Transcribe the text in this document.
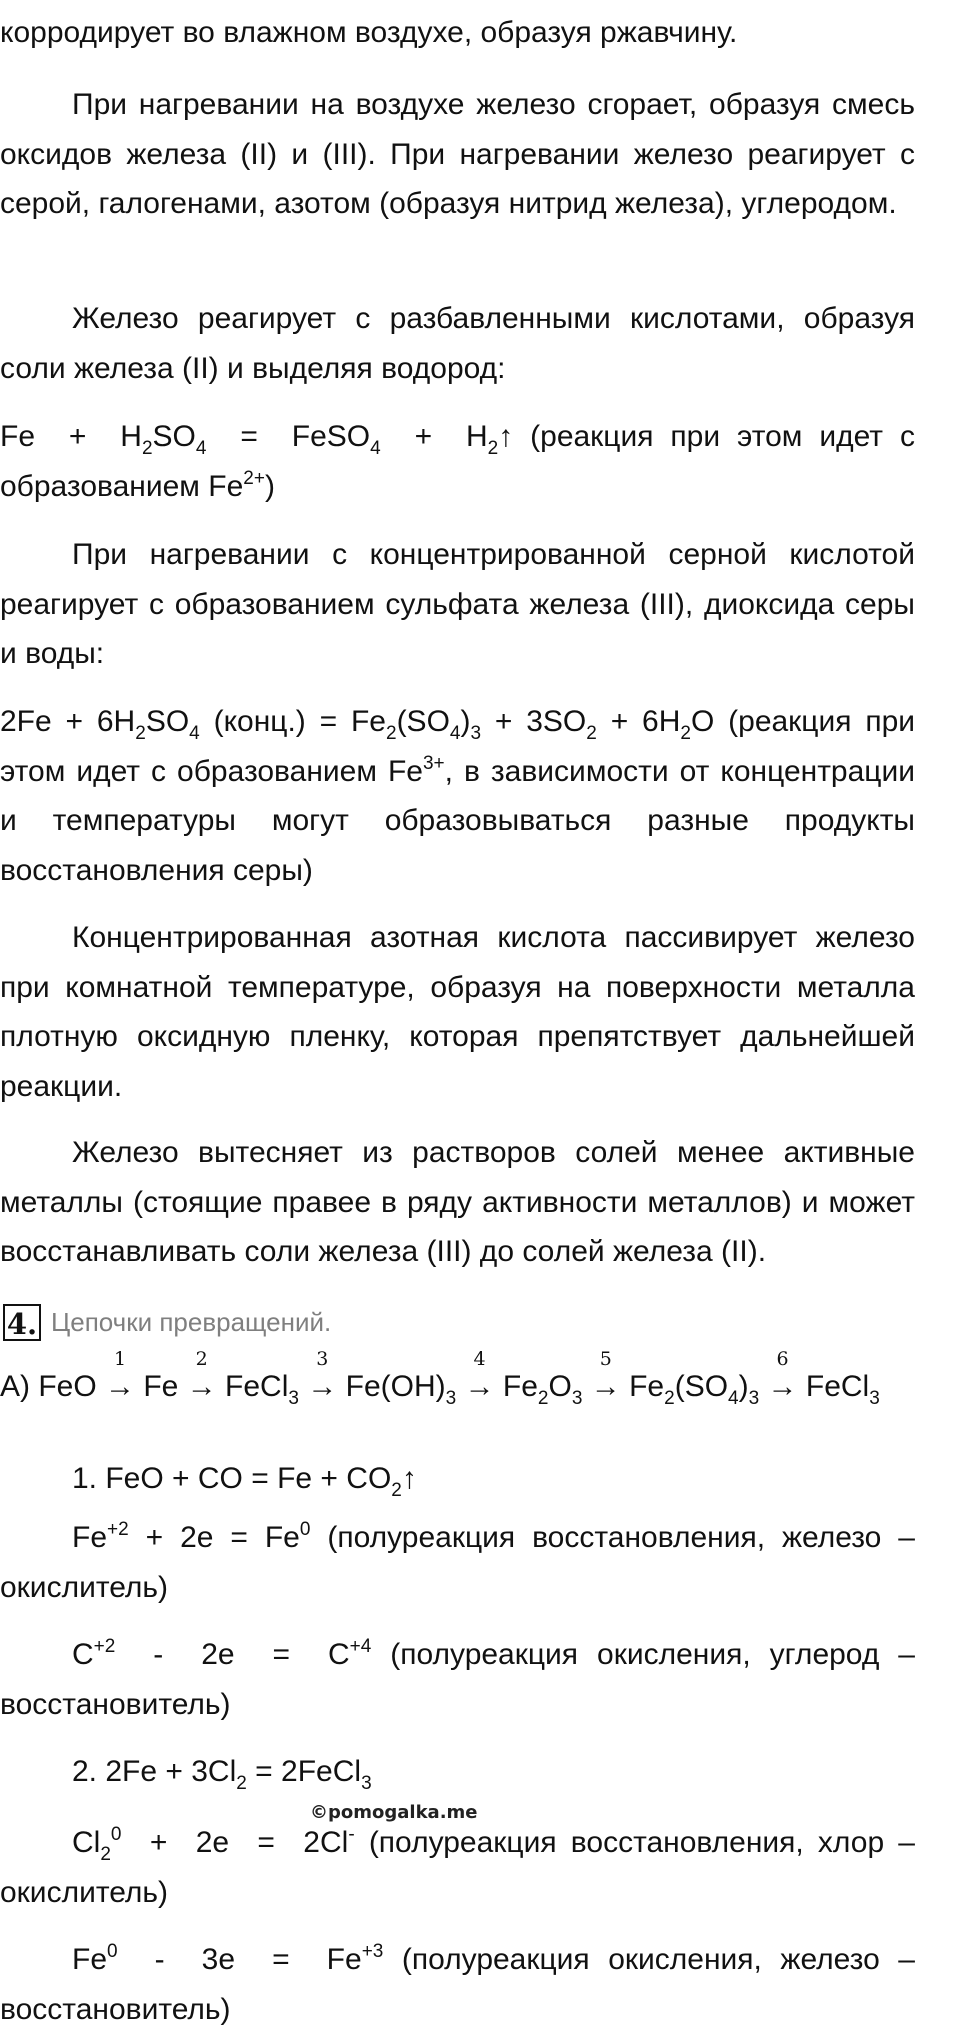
корродирует во влажном воздухе, образуя ржавчину.

При нагревании на воздухе железо сгорает, образуя смесь оксидов железа (II) и (III). При нагревании железо реагирует с серой, галогенами, азотом (образуя нитрид железа), углеродом.

Железо реагирует с разбавленными кислотами, образуя соли железа (II) и выделяя водород:

$Fe + H_2SO_4$  =  FeSO$_4$  +  $H_2↑$ (реакция при этом идет с образованием $Fe^{2+}$)

При нагревании с концентрированной серной кислотой реагирует с образованием сульфата железа (III), диоксида серы и воды:

$2Fe + 6H_2SO_4$ (конц.) = $Fe_2(SO_4)_3 + 3SO_2 + 6H_2O$ (реакция при этом идет с образованием $Fe^{3+}$, в зависимости от концентрации и температуры могут образовываться разные продукты восстановления серы)

Концентрированная азотная кислота пассивирует железо при комнатной температуре, образуя на поверхности металла плотную оксидную пленку, которая препятствует дальнейшей реакции.

Железо вытесняет из растворов солей менее активные металлы (стоящие правее в ряду активности металлов) и может восстанавливать соли железа (III) до солей железа (II).

4. Цепочки превращений.
А) FeO
1
→ Fe
2
→ FeCl$_3$
3
→ $Fe(OH)_3$
4
→ $Fe_2O_3$
5
→ $Fe_2(SO_4)_3$
6
→ FeCl$_3$

1. FeO + CO = $Fe + CO_2↑$

$Fe^{+2} + 2e = Fe^0$ (полуреакция восстановления, железо – окислитель)

$C^{+2} - 2e = C^{+4}$ (полуреакция окисления, углерод – восстановитель)

2. $2Fe + 3Cl_2$ = 2FeCl$_3$

©pomogalka.me

$Cl_2^0 + 2e = 2Cl^-$ (полуреакция восстановления, хлор – окислитель)

$Fe^0 - 3e = Fe^{+3}$ (полуреакция окисления, железо – восстановитель)
